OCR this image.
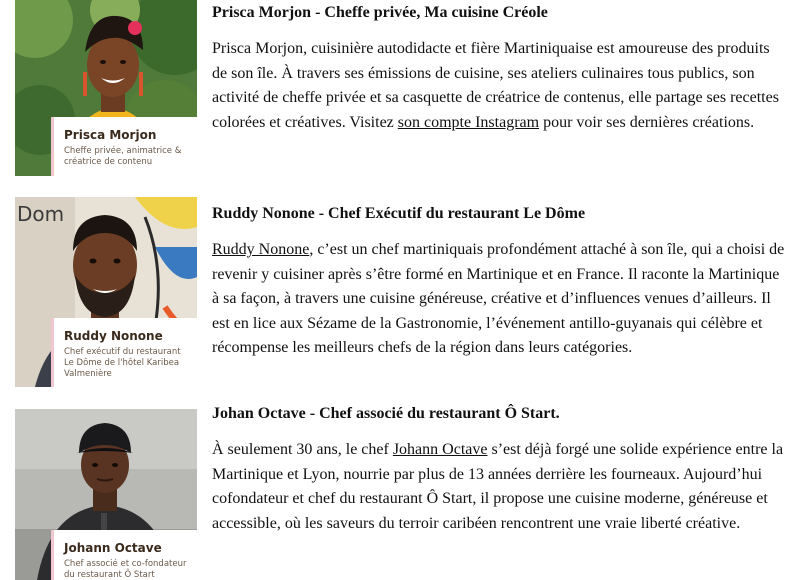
Prisca Morjon
Cheffe privée, animatrice &
créatrice de contenu
Prisca Morjon - Cheffe privée, Ma cuisine Créole

Prisca Morjon, cuisinière autodidacte et fière Martiniquaise est amoureuse des produits de son île. À travers ses émissions de cuisine, ses ateliers culinaires tous publics, son activité de cheffe privée et sa casquette de créatrice de contenus, elle partage ses recettes colorées et créatives. Visitez son compte Instagram pour voir ses dernières créations.

Dom
Ruddy Nonone
Chef exécutif du restaurant
Le Dôme de l'hôtel Karibea
Valmenière
Ruddy Nonone - Chef Exécutif du restaurant Le Dôme

Ruddy Nonone, c’est un chef martiniquais profondément attaché à son île, qui a choisi de revenir y cuisiner après s’être formé en Martinique et en France. Il raconte la Martinique à sa façon, à travers une cuisine généreuse, créative et d’influences venues d’ailleurs. Il est en lice aux Sézame de la Gastronomie, l’événement antillo-guyanais qui célèbre et récompense les meilleurs chefs de la région dans leurs catégories.

Johann Octave
Chef associé et co-fondateur
du restaurant Ô Start
Johan Octave - Chef associé du restaurant Ô Start.

À seulement 30 ans, le chef Johann Octave s’est déjà forgé une solide expérience entre la Martinique et Lyon, nourrie par plus de 13 années derrière les fourneaux. Aujourd’hui cofondateur et chef du restaurant Ô Start, il propose une cuisine moderne, généreuse et accessible, où les saveurs du terroir caribéen rencontrent une vraie liberté créative.
